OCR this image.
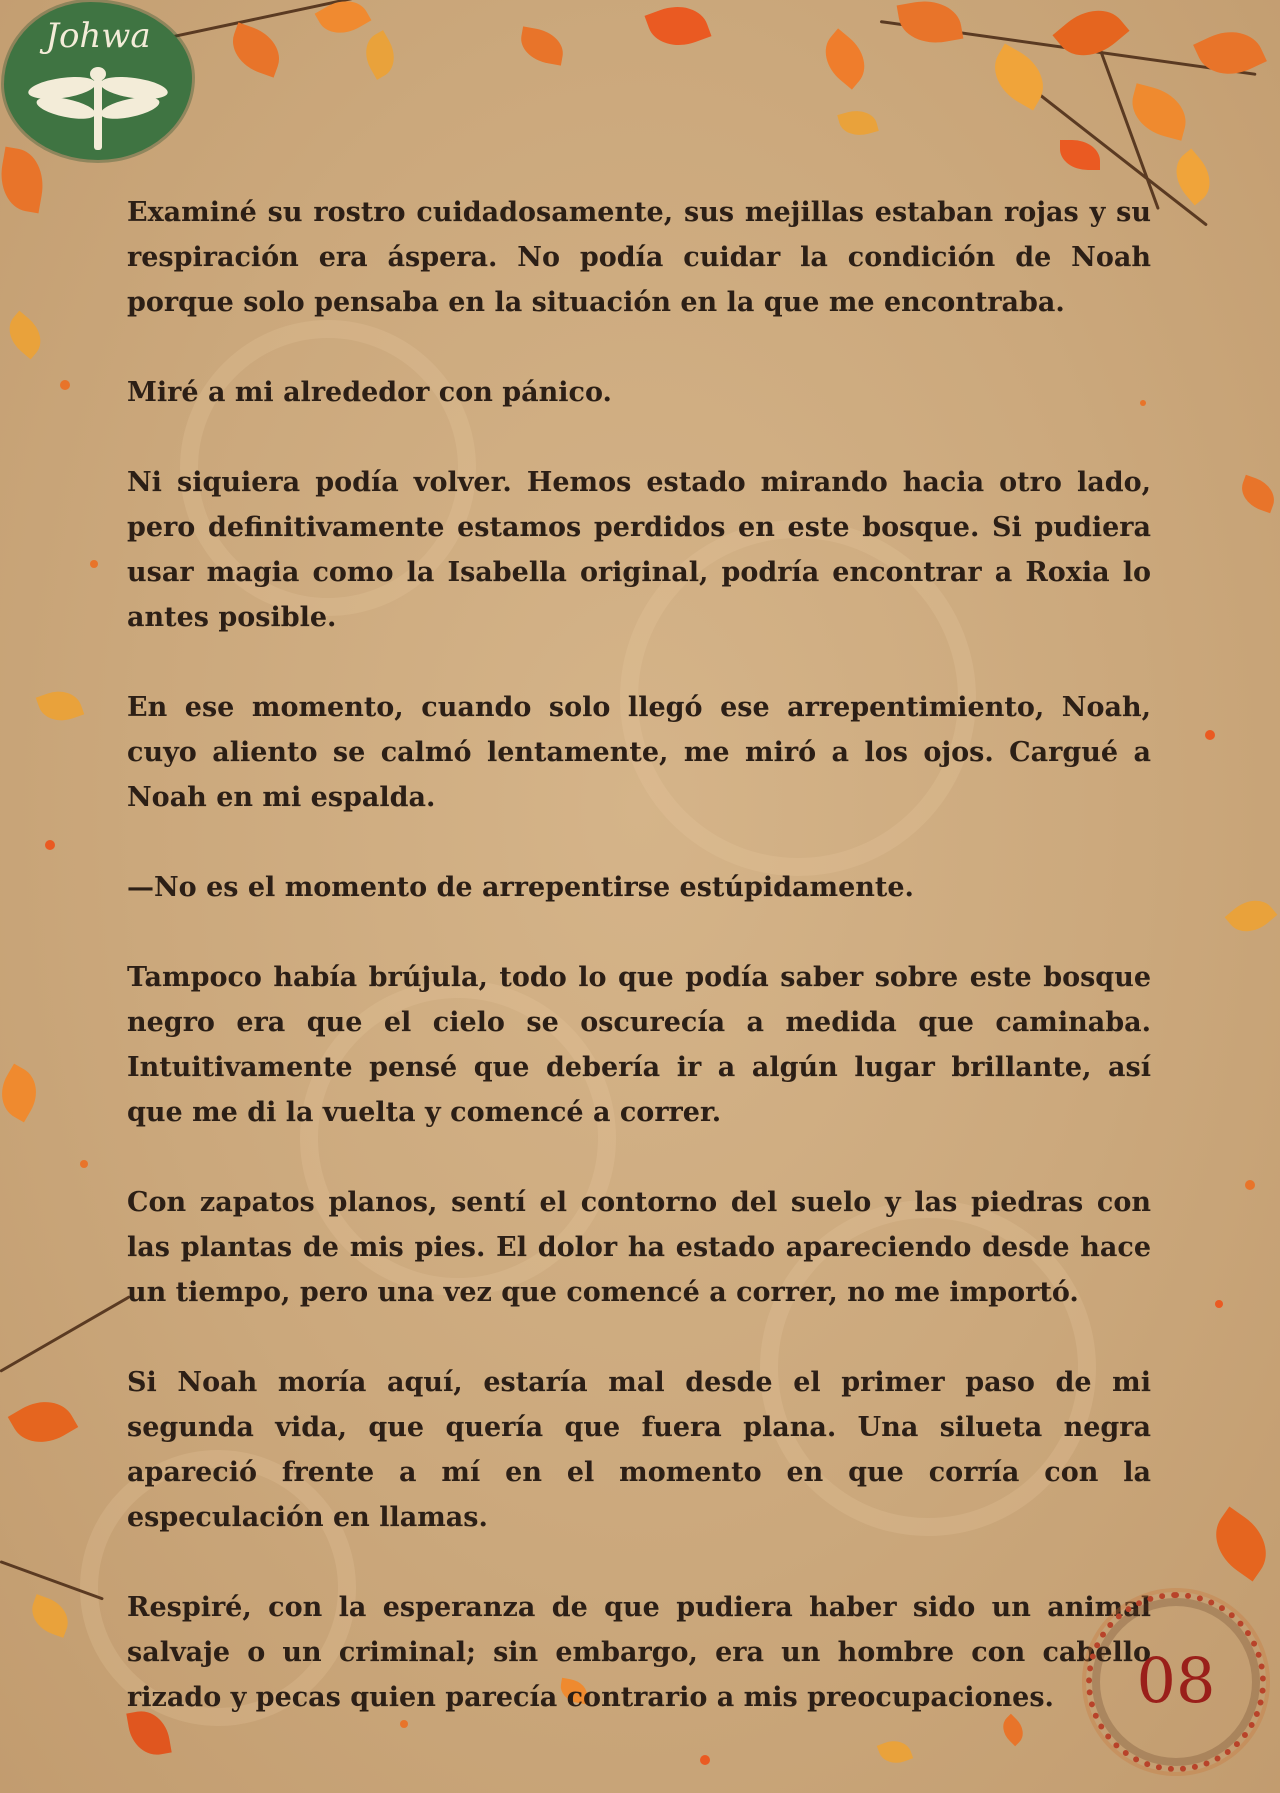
Johwa

Examiné su rostro cuidadosamente, sus mejillas estaban rojas y su respiración era áspera. No podía cuidar la condición de Noah porque solo pensaba en la situación en la que me encontraba.

Miré a mi alrededor con pánico.

Ni siquiera podía volver. Hemos estado mirando hacia otro lado, pero definitivamente estamos perdidos en este bosque. Si pudiera usar magia como la Isabella original, podría encontrar a Roxia lo antes posible.

En ese momento, cuando solo llegó ese arrepentimiento, Noah, cuyo aliento se calmó lentamente, me miró a los ojos. Cargué a Noah en mi espalda.

—No es el momento de arrepentirse estúpidamente.

Tampoco había brújula, todo lo que podía saber sobre este bosque negro era que el cielo se oscurecía a medida que caminaba. Intuitivamente pensé que debería ir a algún lugar brillante, así que me di la vuelta y comencé a correr.

Con zapatos planos, sentí el contorno del suelo y las piedras con las plantas de mis pies. El dolor ha estado apareciendo desde hace un tiempo, pero una vez que comencé a correr, no me importó.

Si Noah moría aquí, estaría mal desde el primer paso de mi segunda vida, que quería que fuera plana. Una silueta negra apareció frente a mí en el momento en que corría con la especulación en llamas.

Respiré, con la esperanza de que pudiera haber sido un animal salvaje o un criminal; sin embargo, era un hombre con cabello rizado y pecas quien parecía contrario a mis preocupaciones.	08
